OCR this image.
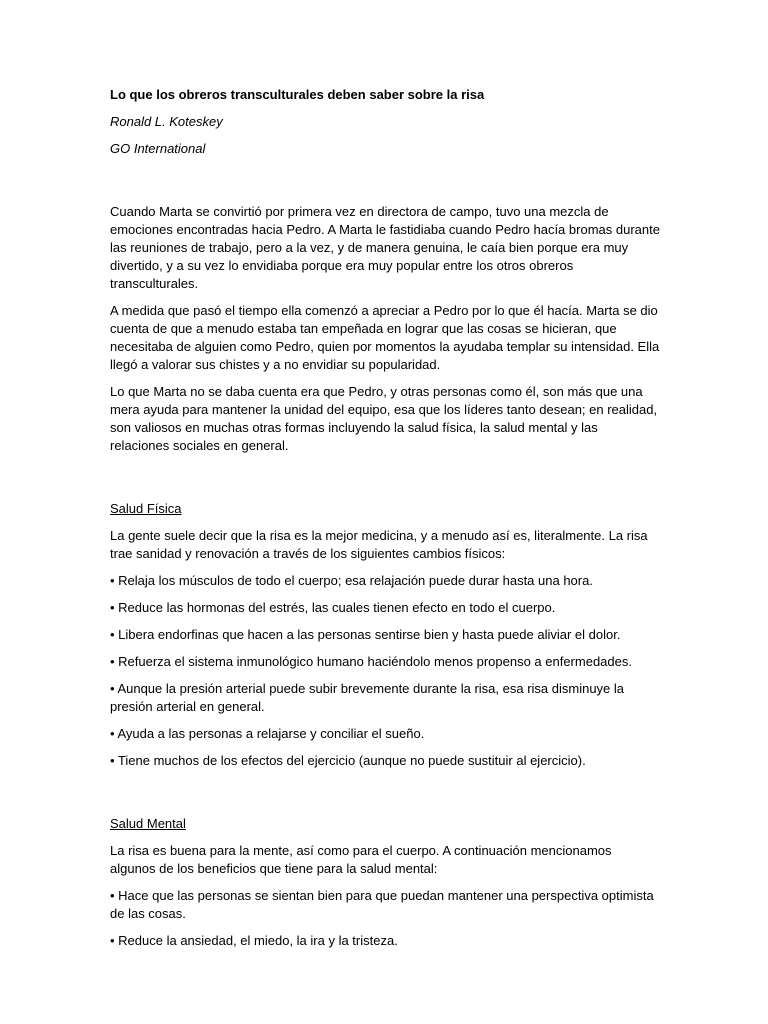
Lo que los obreros transculturales deben saber sobre la risa
Ronald L. Koteskey
GO International

Cuando Marta se convirtió por primera vez en directora de campo, tuvo una mezcla de emociones encontradas hacia Pedro. A Marta le fastidiaba cuando Pedro hacía bromas durante las reuniones de trabajo, pero a la vez, y de manera genuina, le caía bien porque era muy divertido, y a su vez lo envidiaba porque era muy popular entre los otros obreros transculturales.

A medida que pasó el tiempo ella comenzó a apreciar a Pedro por lo que él hacía. Marta se dio cuenta de que a menudo estaba tan empeñada en lograr que las cosas se hicieran, que necesitaba de alguien como Pedro, quien por momentos la ayudaba templar su intensidad. Ella llegó a valorar sus chistes y a no envidiar su popularidad.

Lo que Marta no se daba cuenta era que Pedro, y otras personas como él, son más que una mera ayuda para mantener la unidad del equipo, esa que los líderes tanto desean; en realidad, son valiosos en muchas otras formas incluyendo la salud física, la salud mental y las relaciones sociales en general.

Salud Física

La gente suele decir que la risa es la mejor medicina, y a menudo así es, literalmente. La risa trae sanidad y renovación a través de los siguientes cambios físicos:

• Relaja los músculos de todo el cuerpo; esa relajación puede durar hasta una hora.
• Reduce las hormonas del estrés, las cuales tienen efecto en todo el cuerpo.
• Libera endorfinas que hacen a las personas sentirse bien y hasta puede aliviar el dolor.
• Refuerza el sistema inmunológico humano haciéndolo menos propenso a enfermedades.
• Aunque la presión arterial puede subir brevemente durante la risa, esa risa disminuye la presión arterial en general.
• Ayuda a las personas a relajarse y conciliar el sueño.
• Tiene muchos de los efectos del ejercicio (aunque no puede sustituir al ejercicio).
Salud Mental

La risa es buena para la mente, así como para el cuerpo. A continuación mencionamos algunos de los beneficios que tiene para la salud mental:

• Hace que las personas se sientan bien para que puedan mantener una perspectiva optimista de las cosas.
• Reduce la ansiedad, el miedo, la ira y la tristeza.
